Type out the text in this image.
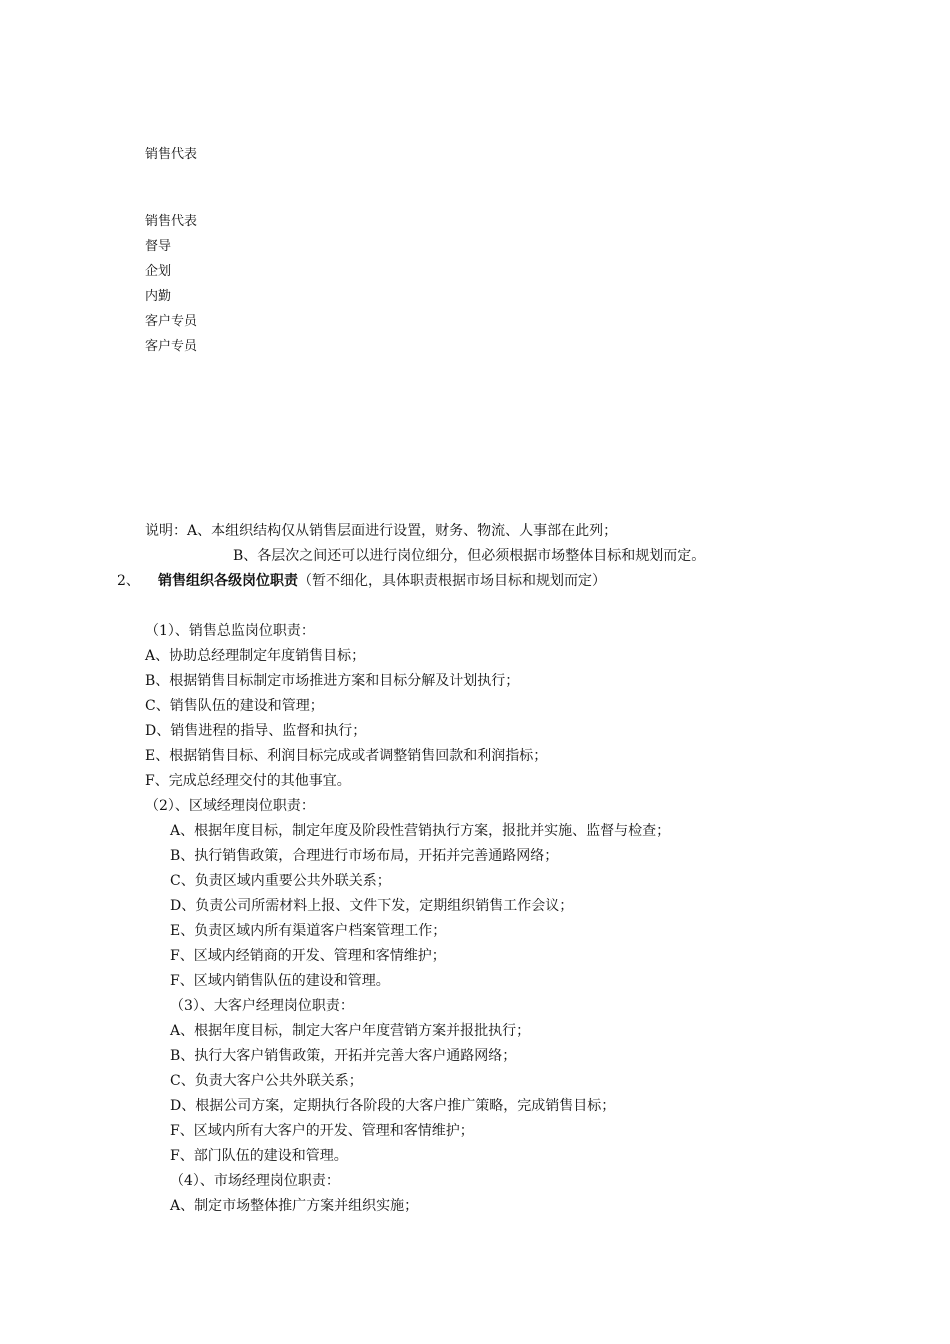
销售代表
销售代表
督导
企划
内勤
客户专员
客户专员
说明：A、本组织结构仅从销售层面进行设置，财务、物流、人事部在此列；
B、各层次之间还可以进行岗位细分，但必须根据市场整体目标和规划而定。
2、 销售组织各级岗位职责（暂不细化，具体职责根据市场目标和规划而定）
（1）、销售总监岗位职责：
A、协助总经理制定年度销售目标；
B、根据销售目标制定市场推进方案和目标分解及计划执行；
C、销售队伍的建设和管理；
D、销售进程的指导、监督和执行；
E、根据销售目标、利润目标完成或者调整销售回款和利润指标；
F、完成总经理交付的其他事宜。
（2）、区域经理岗位职责：
A、根据年度目标，制定年度及阶段性营销执行方案，报批并实施、监督与检查；
B、执行销售政策，合理进行市场布局，开拓并完善通路网络；
C、负责区域内重要公共外联关系；
D、负责公司所需材料上报、文件下发，定期组织销售工作会议；
E、负责区域内所有渠道客户档案管理工作；
F、区域内经销商的开发、管理和客情维护；
F、区域内销售队伍的建设和管理。
（3）、大客户经理岗位职责：
A、根据年度目标，制定大客户年度营销方案并报批执行；
B、执行大客户销售政策，开拓并完善大客户通路网络；
C、负责大客户公共外联关系；
D、根据公司方案，定期执行各阶段的大客户推广策略，完成销售目标；
F、区域内所有大客户的开发、管理和客情维护；
F、部门队伍的建设和管理。
（4）、市场经理岗位职责：
A、制定市场整体推广方案并组织实施；
